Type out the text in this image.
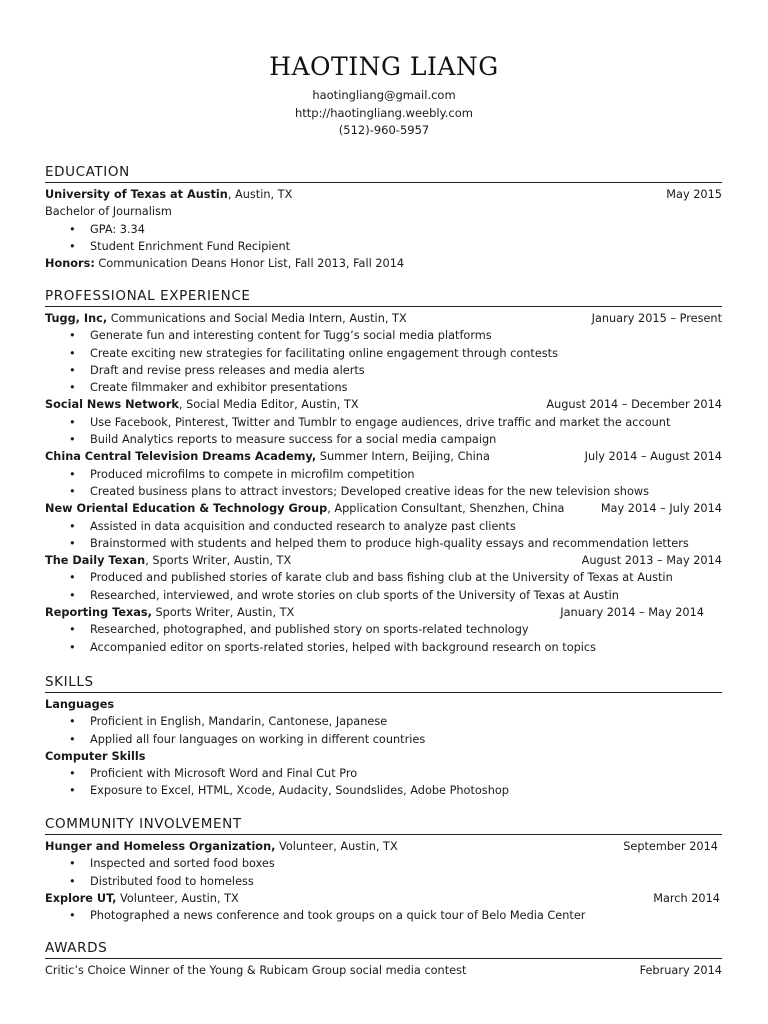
HAOTING LIANG
haotingliang@gmail.com
http://haotingliang.weebly.com
(512)-960-5957
EDUCATION
University of Texas at Austin, Austin, TX	May 2015
Bachelor of Journalism
• GPA: 3.34
• Student Enrichment Fund Recipient
Honors: Communication Deans Honor List, Fall 2013, Fall 2014
PROFESSIONAL EXPERIENCE
Tugg, Inc, Communications and Social Media Intern, Austin, TX	January 2015 – Present
• Generate fun and interesting content for Tugg’s social media platforms
• Create exciting new strategies for facilitating online engagement through contests
• Draft and revise press releases and media alerts
• Create filmmaker and exhibitor presentations
Social News Network, Social Media Editor, Austin, TX	August 2014 – December 2014
• Use Facebook, Pinterest, Twitter and Tumblr to engage audiences, drive traffic and market the account
• Build Analytics reports to measure success for a social media campaign
China Central Television Dreams Academy, Summer Intern, Beijing, China	July 2014 – August 2014
• Produced microfilms to compete in microfilm competition
• Created business plans to attract investors; Developed creative ideas for the new television shows
New Oriental Education & Technology Group, Application Consultant, Shenzhen, China	May 2014 – July 2014
• Assisted in data acquisition and conducted research to analyze past clients
• Brainstormed with students and helped them to produce high-quality essays and recommendation letters
The Daily Texan, Sports Writer, Austin, TX	August 2013 – May 2014
• Produced and published stories of karate club and bass fishing club at the University of Texas at Austin
• Researched, interviewed, and wrote stories on club sports of the University of Texas at Austin
Reporting Texas, Sports Writer, Austin, TX	January 2014 – May 2014
• Researched, photographed, and published story on sports-related technology
• Accompanied editor on sports-related stories, helped with background research on topics
SKILLS
Languages
• Proficient in English, Mandarin, Cantonese, Japanese
• Applied all four languages on working in different countries
Computer Skills
• Proficient with Microsoft Word and Final Cut Pro
• Exposure to Excel, HTML, Xcode, Audacity, Soundslides, Adobe Photoshop
COMMUNITY INVOLVEMENT
Hunger and Homeless Organization, Volunteer, Austin, TX	September 2014
• Inspected and sorted food boxes
• Distributed food to homeless
Explore UT, Volunteer, Austin, TX	March 2014
• Photographed a news conference and took groups on a quick tour of Belo Media Center
AWARDS
Critic’s Choice Winner of the Young & Rubicam Group social media contest	February 2014
